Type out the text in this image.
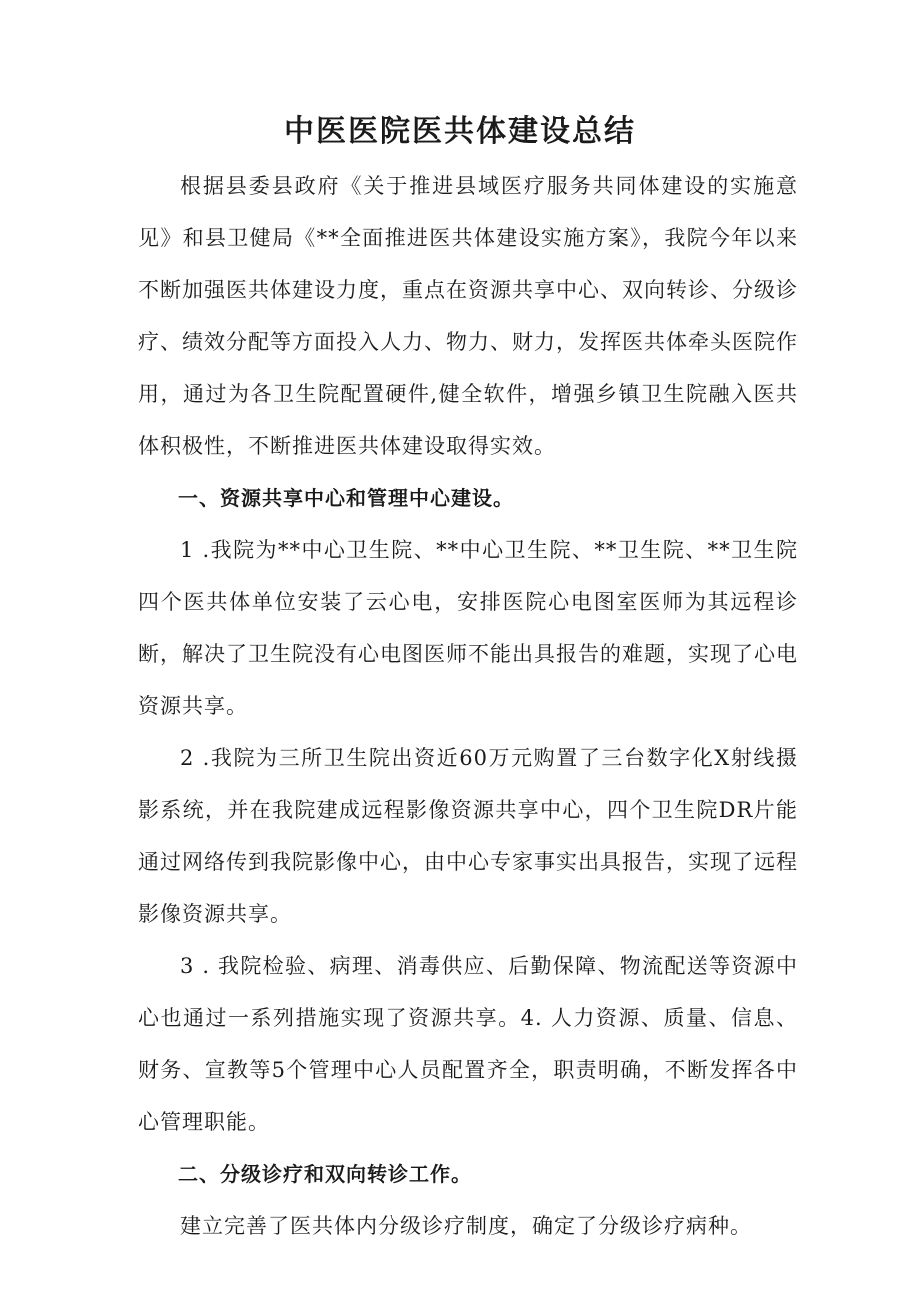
中医医院医共体建设总结

根据县委县政府《关于推进县域医疗服务共同体建设的实施意见》和县卫健局《**全面推进医共体建设实施方案》，我院今年以来不断加强医共体建设力度，重点在资源共享中心、双向转诊、分级诊疗、绩效分配等方面投入人力、物力、财力，发挥医共体牵头医院作用，通过为各卫生院配置硬件,健全软件，增强乡镇卫生院融入医共体积极性，不断推进医共体建设取得实效。

一、资源共享中心和管理中心建设。

1 .我院为**中心卫生院、**中心卫生院、**卫生院、**卫生院四个医共体单位安装了云心电，安排医院心电图室医师为其远程诊断，解决了卫生院没有心电图医师不能出具报告的难题，实现了心电资源共享。

2 .我院为三所卫生院出资近60万元购置了三台数字化X射线摄影系统，并在我院建成远程影像资源共享中心，四个卫生院DR片能通过网络传到我院影像中心，由中心专家事实出具报告，实现了远程影像资源共享。

3 . 我院检验、病理、消毒供应、后勤保障、物流配送等资源中心也通过一系列措施实现了资源共享。4. 人力资源、质量、信息、财务、宣教等5个管理中心人员配置齐全，职责明确，不断发挥各中心管理职能。

二、分级诊疗和双向转诊工作。

建立完善了医共体内分级诊疗制度，确定了分级诊疗病种。
